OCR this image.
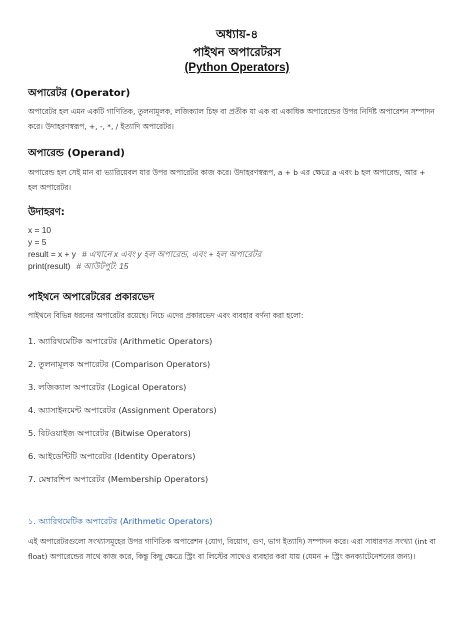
অধ্যায়-৪
পাইথন অপারেটরস
(Python Operators)
অপারেটর (Operator)
অপারেটর হল এমন একটি গাণিতিক, তুলনামূলক, লজিক্যাল চিহ্ন বা প্রতীক যা এক বা একাধিক অপারেন্ডের উপর নির্দিষ্ট অপারেশন সম্পাদন
করে। উদাহরণস্বরূপ, +, -, *, / ইত্যাদি অপারেটর।
অপারেন্ড (Operand)
অপারেন্ড হল সেই মান বা ভ্যারিয়েবল যার উপর অপারেটর কাজ করে। উদাহরণস্বরূপ, a + b এর ক্ষেত্রে a এবং b হল অপারেন্ড, আর +
হল অপারেটর।
উদাহরণ:
x = 10
y = 5
result = x + y # এখানে x এবং y হল অপারেন্ড, এবং + হল অপারেটর
print(result) # আউটপুট: 15
পাইথনে অপারেটরের প্রকারভেদ
পাইথনে বিভিন্ন ধরনের অপারেটর রয়েছে। নিচে এদের প্রকারভেদ এবং ব্যবহার বর্ণনা করা হলো:
1. অ্যারিথমেটিক অপারেটর (Arithmetic Operators)
2. তুলনামূলক অপারেটর (Comparison Operators)
3. লজিক্যাল অপারেটর (Logical Operators)
4. অ্যাসাইনমেন্ট অপারেটর (Assignment Operators)
5. বিটওয়াইজ অপারেটর (Bitwise Operators)
6. আইডেন্টিটি অপারেটর (Identity Operators)
7. মেম্বারশিপ অপারেটর (Membership Operators)
১. অ্যারিথমেটিক অপারেটর (Arithmetic Operators)
এই অপারেটরগুলো সংখ্যাসমূহের উপর গাণিতিক অপারেশন (যোগ, বিয়োগ, গুণ, ভাগ ইত্যাদি) সম্পাদন করে। এরা সাধারণত সংখ্যা (int বা
float) অপারেন্ডের সাথে কাজ করে, কিন্তু কিছু ক্ষেত্রে স্ট্রিং বা লিস্টের সাথেও ব্যবহার করা যায় (যেমন + স্ট্রিং কনক্যাটেনেশনের জন্য)।
